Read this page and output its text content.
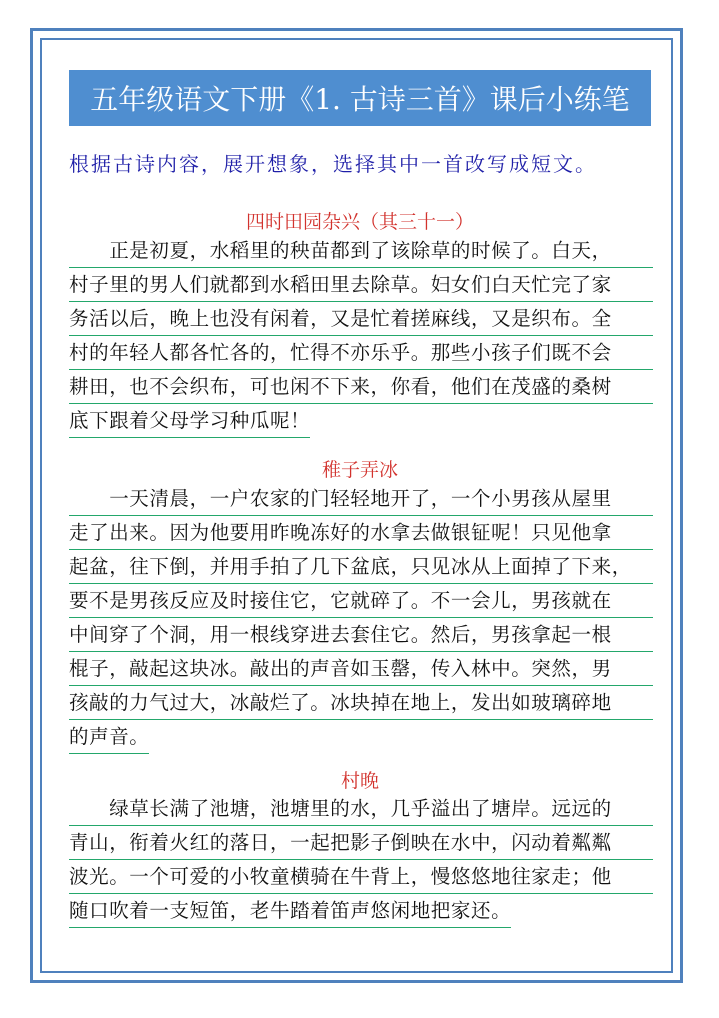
五年级语文下册《1. 古诗三首》课后小练笔
根据古诗内容，展开想象，选择其中一首改写成短文。
四时田园杂兴（其三十一）
　　正是初夏，水稻里的秧苗都到了该除草的时候了。白天，
村子里的男人们就都到水稻田里去除草。妇女们白天忙完了家
务活以后，晚上也没有闲着，又是忙着搓麻线，又是织布。全
村的年轻人都各忙各的，忙得不亦乐乎。那些小孩子们既不会
耕田，也不会织布，可也闲不下来，你看，他们在茂盛的桑树
底下跟着父母学习种瓜呢！
稚子弄冰
　　一天清晨，一户农家的门轻轻地开了，一个小男孩从屋里
走了出来。因为他要用昨晚冻好的水拿去做银钲呢！只见他拿
起盆，往下倒，并用手拍了几下盆底，只见冰从上面掉了下来，
要不是男孩反应及时接住它，它就碎了。不一会儿，男孩就在
中间穿了个洞，用一根线穿进去套住它。然后，男孩拿起一根
棍子，敲起这块冰。敲出的声音如玉罄，传入林中。突然，男
孩敲的力气过大，冰敲烂了。冰块掉在地上，发出如玻璃碎地
的声音。
村晚
　　绿草长满了池塘，池塘里的水，几乎溢出了塘岸。远远的
青山，衔着火红的落日，一起把影子倒映在水中，闪动着粼粼
波光。一个可爱的小牧童横骑在牛背上，慢悠悠地往家走；他
随口吹着一支短笛，老牛踏着笛声悠闲地把家还。
